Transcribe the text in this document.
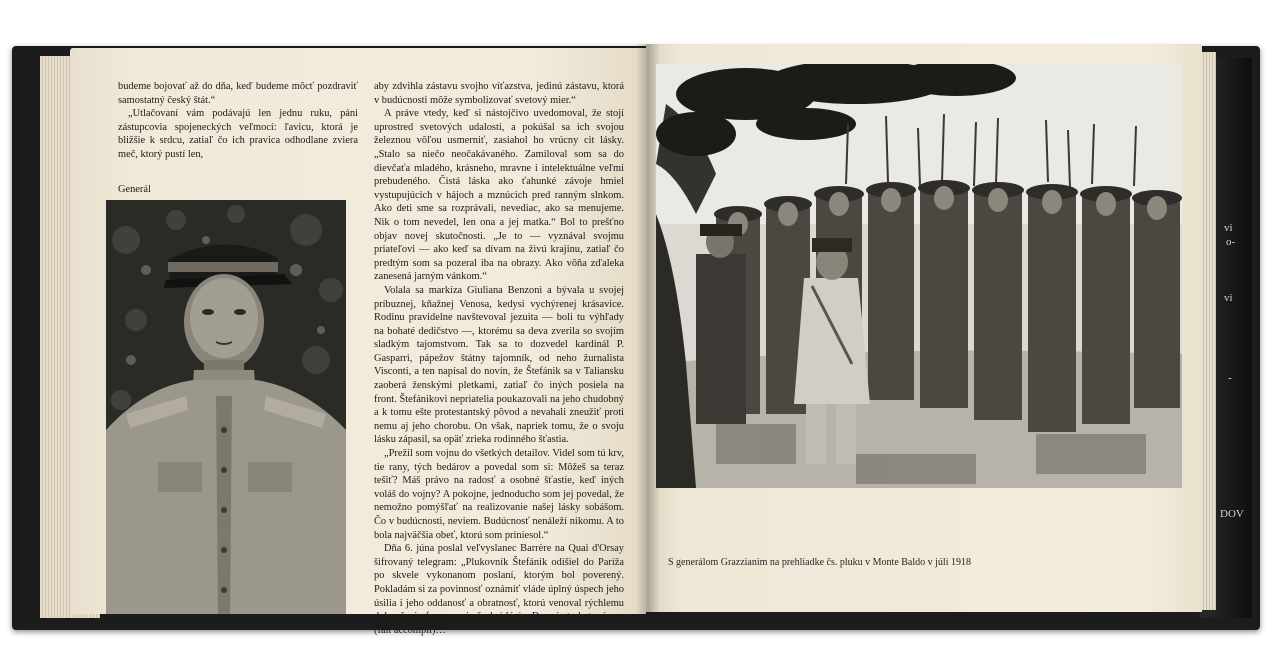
vi
o-
vi
-
DOV

budeme bojovať až do dňa, keď budeme môcť pozdraviť samostatný český štát.“

„Utlačovaní vám podávajú len jednu ruku, páni zástupcovia spojeneckých veľmocí: ľavicu, ktorá je bližšie k srdcu, zatiaľ čo ich pravica odhodlane zviera meč, ktorý pustí len,

Generál

aby zdvihla zástavu svojho víťazstva, jedinú zástavu, ktorá v budúcnosti môže symbolizovať svetový mier.“

A práve vtedy, keď si nástojčivo uvedomoval, že stojí uprostred svetových udalostí, a pokúšal sa ich svojou železnou vôľou usmerniť, zasiahol ho vrúcny cit lásky. „Stalo sa niečo neočakávaného. Zamiloval som sa do dievčaťa mladého, krásneho, mravne i intelektuálne veľmi prebudeného. Čistá láska ako ťahunké závoje hmiel vystupujúcich v hájoch a mznúcich pred ranným slnkom. Ako deti sme sa rozprávali, nevediac, ako sa menujeme. Nik o tom nevedel, len ona a jej matka.“ Bol to prešťno objav novej skutočnosti. „Je to — vyznával svojmu priateľovi — ako keď sa dívam na živú krajinu, zatiaľ čo predtým som sa pozeral iba na obrazy. Ako vôňa zďaleka zanesená jarným vánkom.“

Volala sa markíza Giuliana Benzoni a bývala u svojej príbuznej, kňažnej Venosa, kedysi vychýrenej krásavice. Rodinu pravidelne navštevoval jezuita — boli tu výhľady na bohaté dedičstvo —, ktorému sa deva zverila so svojím sladkým tajomstvom. Tak sa to dozvedel kardinál P. Gasparri, pápežov štátny tajomník, od neho žurnalista Visconti, a ten napísal do novín, že Štefánik sa v Taliansku zaoberá ženskými pletkami, zatiaľ čo iných posiela na front. Štefánikovi nepriatelia poukazovali na jeho chudobný a k tomu ešte protestantský pôvod a nevahali zneužiť proti nemu aj jeho chorobu. On však, napriek tomu, že o svoju lásku zápasil, sa opäť zrieka rodinného šťastia.

„Prežil som vojnu do všetkých detailov. Videl som tú krv, tie rany, tých bedárov a povedal som si: Môžeš sa teraz tešiť? Máš právo na radosť a osobné šťastie, keď iných voláš do vojny? A pokojne, jednoducho som jej povedal, že nemožno pomýšľať na realizovanie našej lásky sobášom. Čo v budúcnosti, neviem. Budúcnosť nenáleží nikomu. A to bola najväčšia obeť, ktorú som priniesol.“

Dňa 6. júna poslal veľvyslanec Barrère na Quai d'Orsay šifrovaný telegram: „Plukovník Štefánik odišiel do Paríža po skvele vykonanom poslaní, ktorým bol poverený. Pokladám si za povinnosť oznámiť vláde úplný úspech jeho úsilia i jeho oddanosť a obratnosť, ktorú venoval rýchlemu dokončeniu formovania českej légie. Dnes je to hotová vec (fait accompli)…“

S generálom Grazzianim na prehliadke čs. pluku v Monte Baldo v júli 1918
